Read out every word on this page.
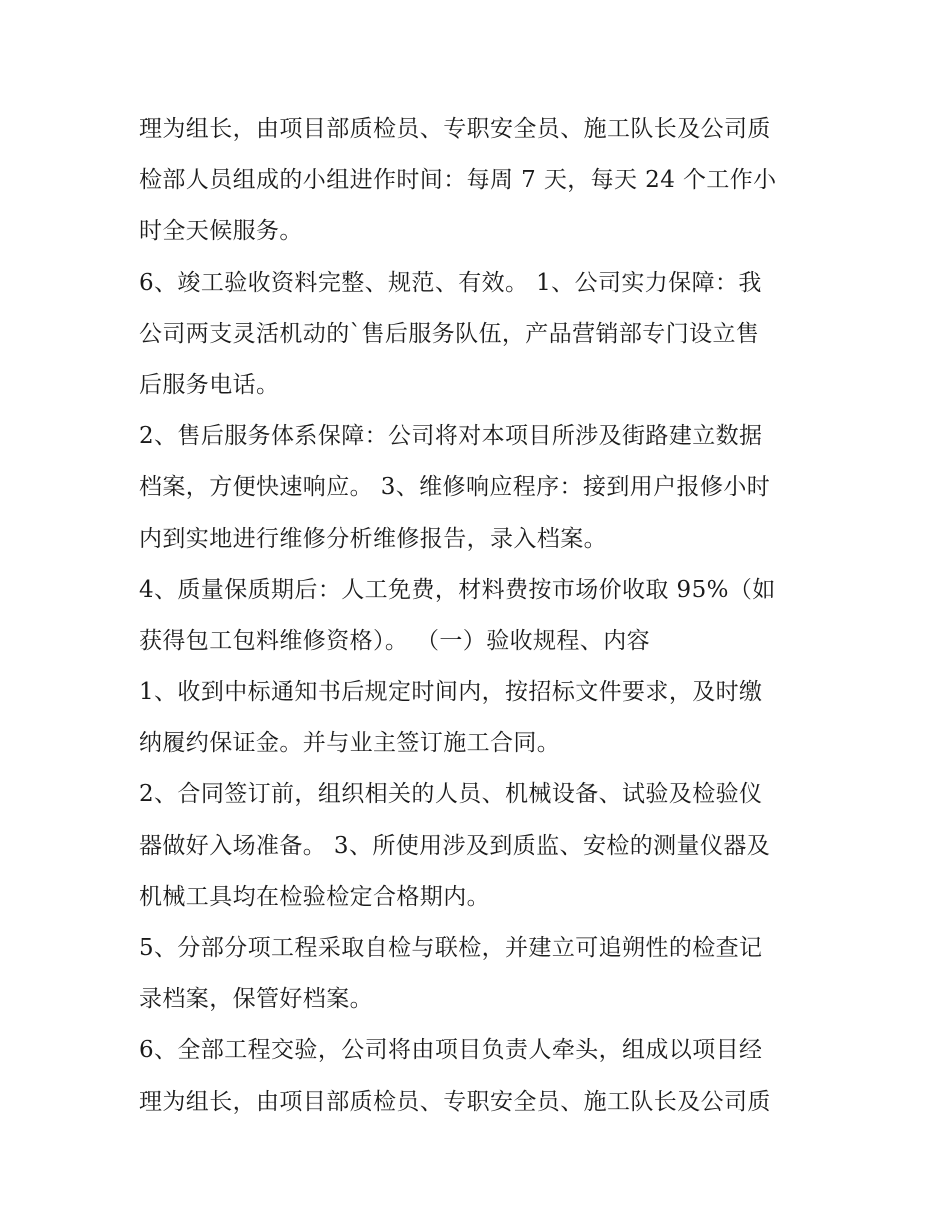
理为组长，由项目部质检员、专职安全员、施工队长及公司质
检部人员组成的小组进作时间：每周 7 天，每天 24 个工作小
时全天候服务。
6、竣工验收资料完整、规范、有效。 1、公司实力保障：我
公司两支灵活机动的`售后服务队伍，产品营销部专门设立售
后服务电话。
2、售后服务体系保障：公司将对本项目所涉及街路建立数据
档案，方便快速响应。 3、维修响应程序：接到用户报修小时
内到实地进行维修分析维修报告，录入档案。
4、质量保质期后：人工免费，材料费按市场价收取 95%（如
获得包工包料维修资格）。 （一）验收规程、内容
1、收到中标通知书后规定时间内，按招标文件要求，及时缴
纳履约保证金。并与业主签订施工合同。
2、合同签订前，组织相关的人员、机械设备、试验及检验仪
器做好入场准备。 3、所使用涉及到质监、安检的测量仪器及
机械工具均在检验检定合格期内。
5、分部分项工程采取自检与联检，并建立可追朔性的检查记
录档案，保管好档案。
6、全部工程交验，公司将由项目负责人牵头，组成以项目经
理为组长，由项目部质检员、专职安全员、施工队长及公司质
